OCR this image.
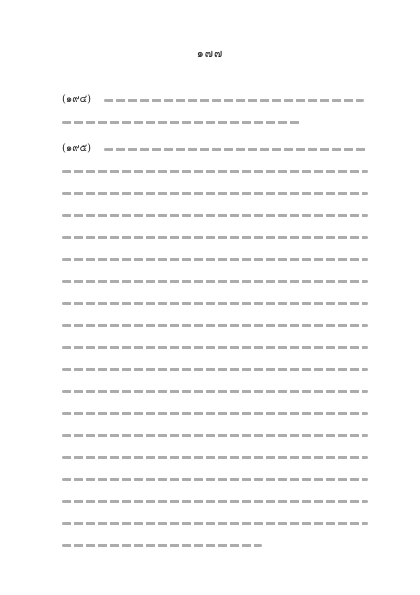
๑๗๗
(๑๙๔)
(๑๙๕)
